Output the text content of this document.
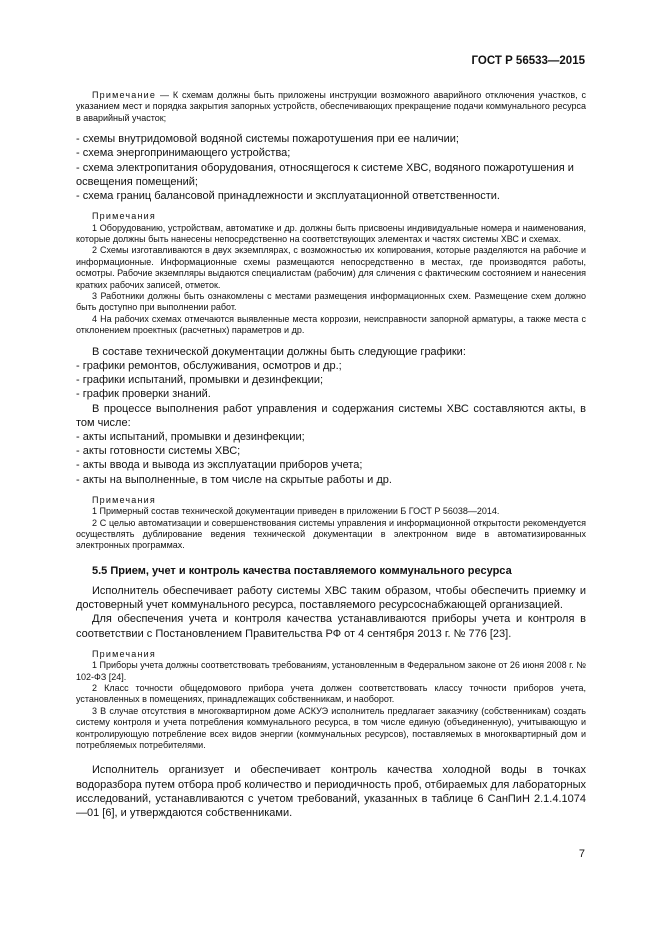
ГОСТ Р 56533—2015

Примечание — К схемам должны быть приложены инструкции возможного аварийного отключения участков, с указанием мест и порядка закрытия запорных устройств, обеспечивающих прекращение подачи коммунального ресурса в аварийный участок;

- схемы внутридомовой водяной системы пожаротушения при ее наличии;

- схема энергопринимающего устройства;

- схема электропитания оборудования, относящегося к системе ХВС, водяного пожаротушения и освещения помещений;

- схема границ балансовой принадлежности и эксплуатационной ответственности.

Примечания

1 Оборудованию, устройствам, автоматике и др. должны быть присвоены индивидуальные номера и наименования, которые должны быть нанесены непосредственно на соответствующих элементах и частях системы ХВС и схемах.

2 Схемы изготавливаются в двух экземплярах, с возможностью их копирования, которые разделяются на рабочие и информационные. Информационные схемы размещаются непосредственно в местах, где производятся работы, осмотры. Рабочие экземпляры выдаются специалистам (рабочим) для сличения с фактическим состоянием и нанесения кратких рабочих записей, отметок.

3 Работники должны быть ознакомлены с местами размещения информационных схем. Размещение схем должно быть доступно при выполнении работ.

4 На рабочих схемах отмечаются выявленные места коррозии, неисправности запорной арматуры, а также места с отклонением проектных (расчетных) параметров и др.

В составе технической документации должны быть следующие графики:

- графики ремонтов, обслуживания, осмотров и др.;

- графики испытаний, промывки и дезинфекции;

- график проверки знаний.

В процессе выполнения работ управления и содержания системы ХВС составляются акты, в том числе:

- акты испытаний, промывки и дезинфекции;

- акты готовности системы ХВС;

- акты ввода и вывода из эксплуатации приборов учета;

- акты на выполненные, в том числе на скрытые работы и др.

Примечания

1 Примерный состав технической документации приведен в приложении Б ГОСТ Р 56038—2014.

2 С целью автоматизации и совершенствования системы управления и информационной открытости рекомендуется осуществлять дублирование ведения технической документации в электронном виде в автоматизированных электронных программах.

5.5 Прием, учет и контроль качества поставляемого коммунального ресурса

Исполнитель обеспечивает работу системы ХВС таким образом, чтобы обеспечить приемку и достоверный учет коммунального ресурса, поставляемого ресурсоснабжающей организацией.

Для обеспечения учета и контроля качества устанавливаются приборы учета и контроля в соответствии с Постановлением Правительства РФ от 4 сентября 2013 г. № 776 [23].

Примечания

1 Приборы учета должны соответствовать требованиям, установленным в Федеральном законе от 26 июня 2008 г. № 102-ФЗ [24].

2 Класс точности общедомового прибора учета должен соответствовать классу точности приборов учета, установленных в помещениях, принадлежащих собственникам, и наоборот.

3 В случае отсутствия в многоквартирном доме АСКУЭ исполнитель предлагает заказчику (собственникам) создать систему контроля и учета потребления коммунального ресурса, в том числе единую (объединенную), учитывающую и контролирующую потребление всех видов энергии (коммунальных ресурсов), поставляемых в многоквартирный дом и потребляемых потребителями.

Исполнитель организует и обеспечивает контроль качества холодной воды в точках водоразбора путем отбора проб количество и периодичность проб, отбираемых для лабораторных исследований, устанавливаются с учетом требований, указанных в таблице 6 СанПиН 2.1.4.1074—01 [6], и утверждаются собственниками.

7
